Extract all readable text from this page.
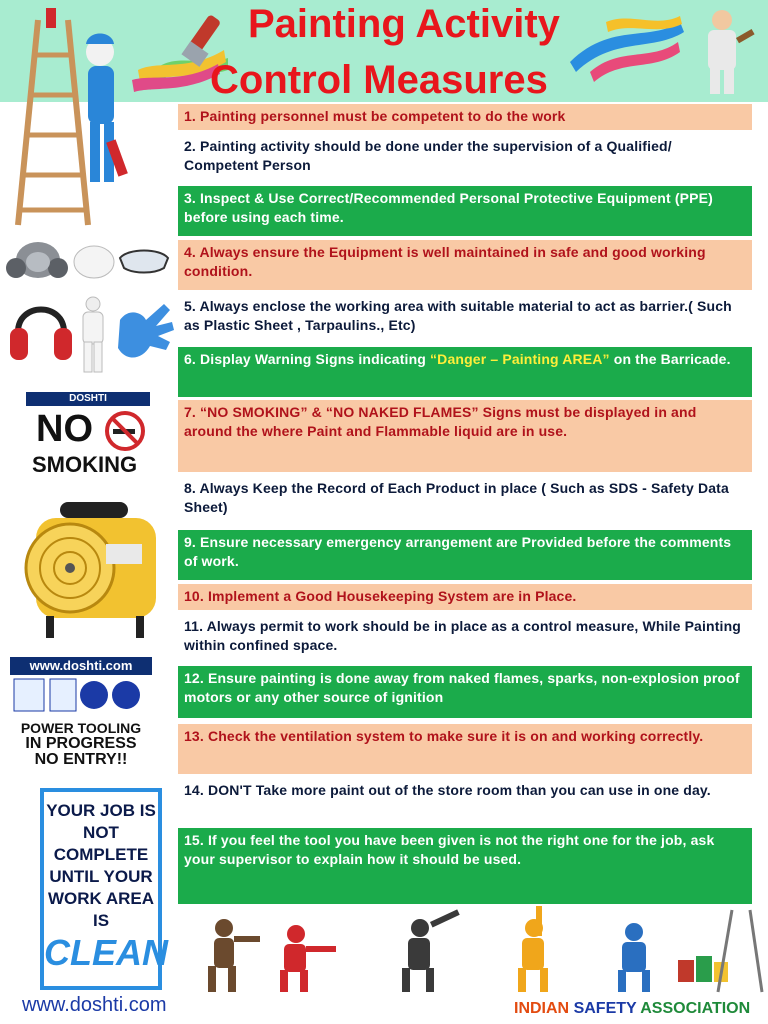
Painting Activity
Control Measures
DOSHTI
NO
SMOKING
www.doshti.com
POWER TOOLING
IN PROGRESS
NO ENTRY!!
YOUR JOB IS NOT COMPLETE UNTIL YOUR WORK AREA IS
CLEAN
1. Painting personnel must be competent to do the work
2. Painting activity should be done under the supervision of a Qualified/ Competent Person
3. Inspect & Use Correct/Recommended Personal Protective Equipment (PPE) before using each time.
4. Always ensure the Equipment is well maintained in safe and good working condition.
5. Always enclose the working area with suitable material to act as barrier.( Such as Plastic Sheet , Tarpaulins., Etc)
6. Display Warning Signs indicating “Danger – Painting AREA” on the Barricade.
7. “NO SMOKING” & “NO NAKED FLAMES” Signs must be displayed in and around the where Paint and Flammable liquid are in use.
8. Always Keep the Record of Each Product in place ( Such as SDS - Safety Data Sheet)
9. Ensure necessary emergency arrangement are Provided before the comments of work.
10. Implement a Good Housekeeping System are in Place.
11. Always permit to work should be in place as a control measure, While Painting within confined space.
12. Ensure painting is done away from naked flames, sparks, non-explosion proof motors or any other source of ignition
13. Check the ventilation system to make sure it is on and working correctly.
14. DON'T Take more paint out of the store room than you can use in one day.
15. If you feel the tool you have been given is not the right one for the job, ask your supervisor to explain how it should be used.
www.doshti.com	INDIAN SAFETY ASSOCIATION
